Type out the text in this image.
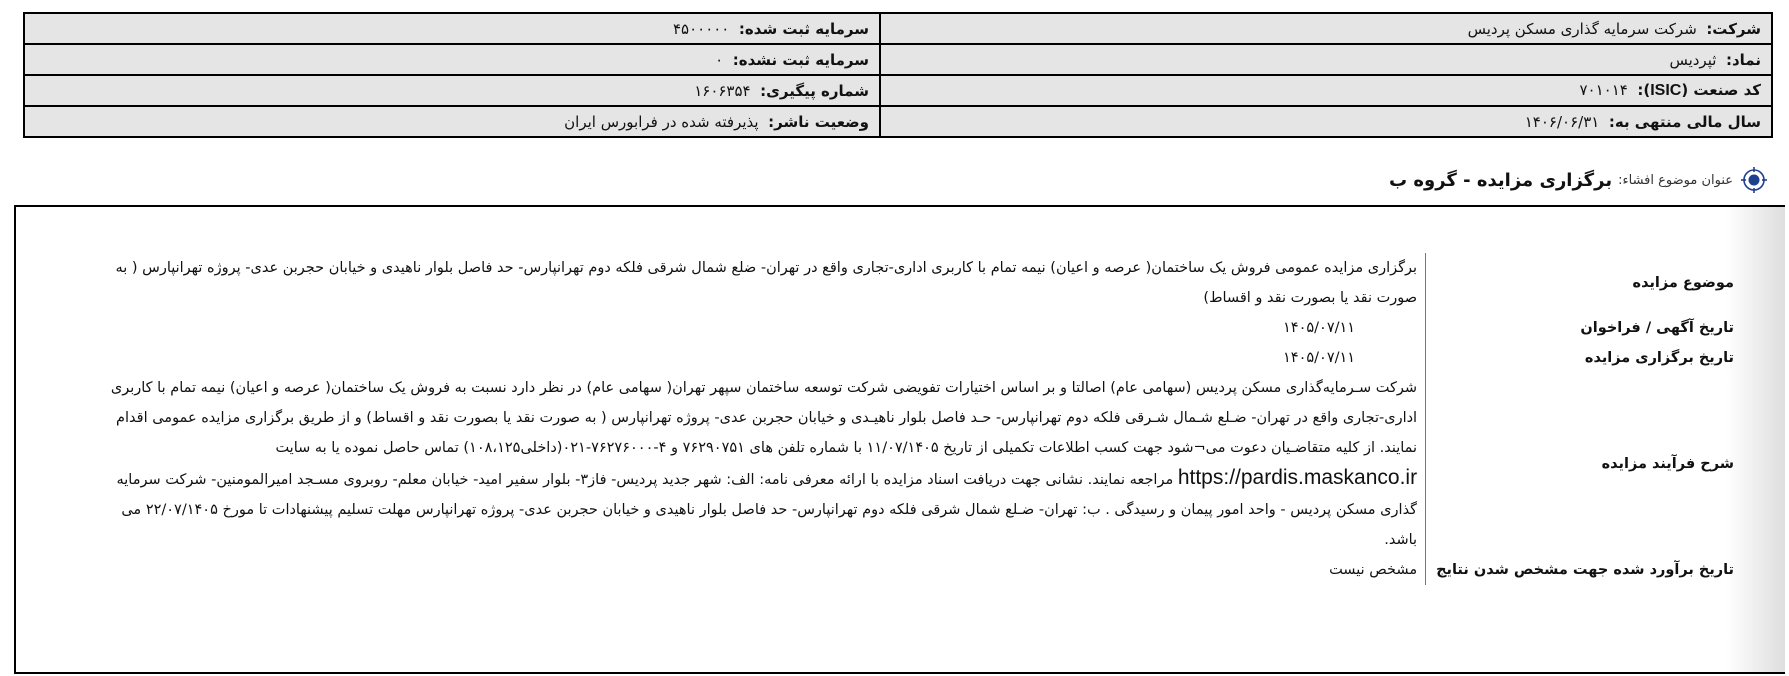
شرکت:  شرکت سرمایه گذاری مسکن پردیس	سرمایه ثبت شده:  ۴۵۰۰۰۰۰
نماد:  ثپردیس	سرمایه ثبت نشده:  ۰
کد صنعت (ISIC):  ۷۰۱۰۱۴	شماره پیگیری:  ۱۶۰۶۳۵۴
سال مالی منتهی به:  ۱۴۰۶/۰۶/۳۱	وضعیت ناشر:  پذیرفته شده در فرابورس ایران
عنوان موضوع افشاء:
برگزاری مزایده - گروه ب
موضوع مزایده	برگزاری مزایده عمومی فروش یک ساختمان( عرصه و اعیان) نیمه تمام با کاربری اداری-تجاری واقع در تهران- ضلع شمال شرقی فلکه دوم تهرانپارس- حد فاصل بلوار ناهیدی و خیابان حجربن عدی- پروژه تهرانپارس ( به صورت نقد یا بصورت نقد و اقساط)
تاریخ آگهی / فراخوان	۱۴۰۵/۰۷/۱۱
تاریخ برگزاری مزایده	۱۴۰۵/۰۷/۱۱
شرح فرآیند مزایده	شرکت سـرمایه‌گذاری مسکن پردیس (سهامی عام) اصالتا و بر اساس اختیارات تفویضی شرکت توسعه ساختمان سپهر تهران( سهامی عام) در نظر دارد نسبت به فروش یک ساختمان( عرصه و اعیان) نیمه تمام با کاربری اداری-تجاری واقع در تهران- ضـلع شـمال شـرقی فلکه دوم تهرانپارس- حـد فاصل بلوار ناهیـدی و خیابان حجربن عدی- پروژه تهرانپارس ( به صورت نقد یا بصورت نقد و اقساط) و از طریق برگزاری مزایده عمومی اقدام نمایند. از کلیه متقاضـیان دعوت می¬شود جهت کسب اطلاعات تکمیلی از تاریخ ۱۱/۰۷/۱۴۰۵ با شماره تلفن های ۷۶۲۹۰۷۵۱ و ۴-۷۶۲۷۶۰۰۰-۰۲۱(داخلی۱۰۸،۱۲۵) تماس حاصل نموده یا به سایت https://pardis.maskanco.ir مراجعه نمایند. نشانی جهت دریافت اسناد مزایده با ارائه معرفی نامه: الف: شهر جدید پردیس- فاز۳- بلوار سفیر امید- خیابان معلم- روبروی مسـجد امیرالمومنین- شرکت سرمایه گذاری مسکن پردیس - واحد امور پیمان و رسیدگی . ب: تهران- ضـلع شمال شرقی فلکه دوم تهرانپارس- حد فاصل بلوار ناهیدی و خیابان حجربن عدی- پروژه تهرانپارس مهلت تسلیم پیشنهادات تا مورخ ۲۲/۰۷/۱۴۰۵ می باشد.
تاریخ برآورد شده جهت مشخص شدن نتایج	مشخص نیست
